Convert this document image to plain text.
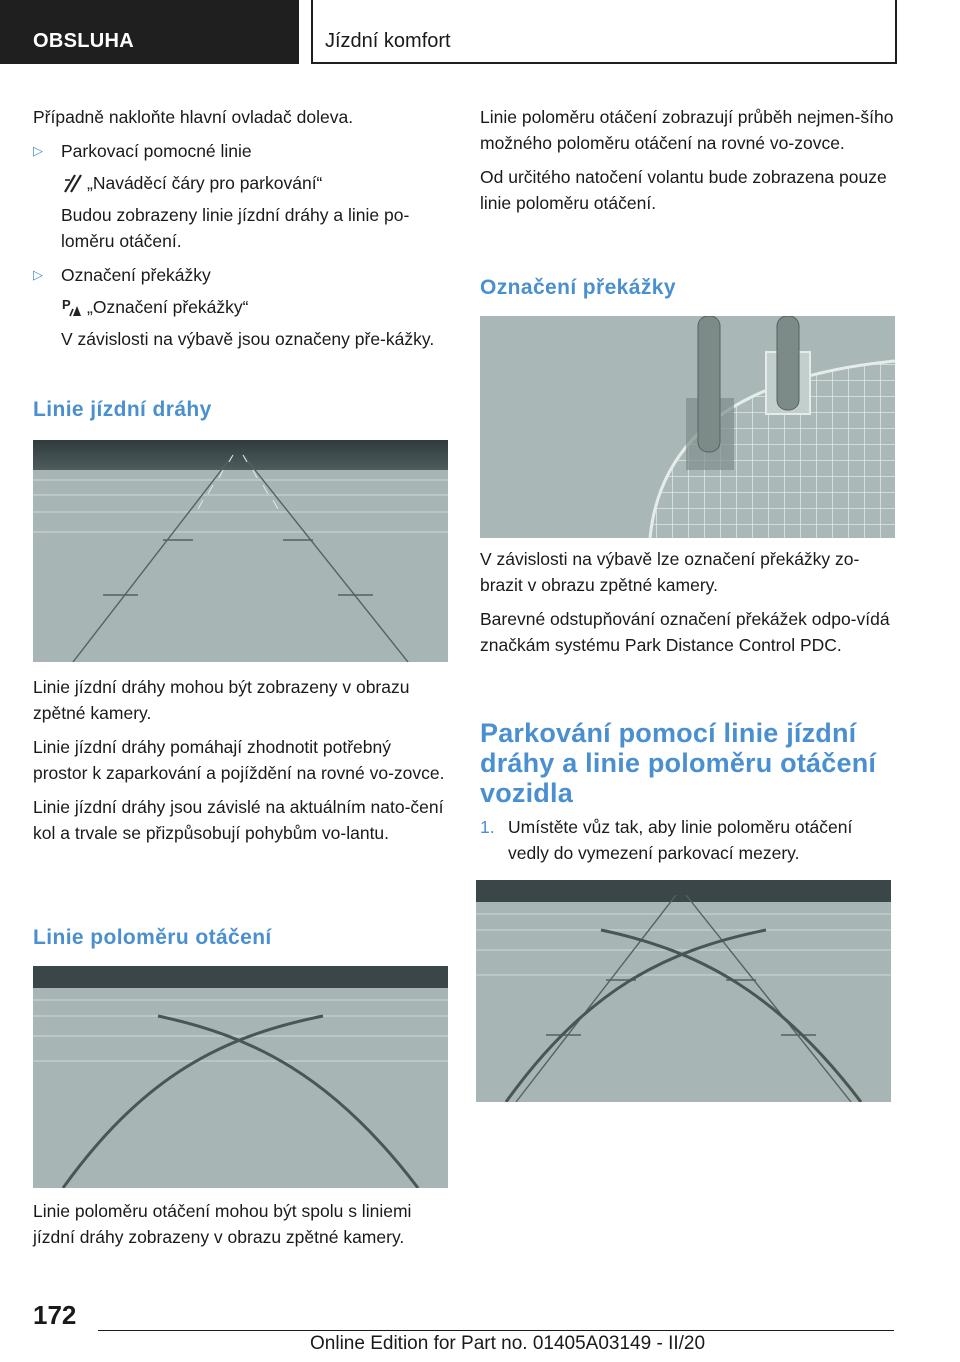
OBSLUHA	Jízdní komfort

Případně nakloňte hlavní ovladač doleva.

▷	Parkovací pomocné linie

„Naváděcí čáry pro parkování“

Budou zobrazeny linie jízdní dráhy a linie po-loměru otáčení.

▷	Označení překážky

P „Označení překážky“

V závislosti na výbavě jsou označeny pře-kážky.

Linie jízdní dráhy

Linie jízdní dráhy mohou být zobrazeny v obrazu zpětné kamery.

Linie jízdní dráhy pomáhají zhodnotit potřebný prostor k zaparkování a pojíždění na rovné vo-zovce.

Linie jízdní dráhy jsou závislé na aktuálním nato-čení kol a trvale se přizpůsobují pohybům vo-lantu.

Linie poloměru otáčení

Linie poloměru otáčení mohou být spolu s liniemi jízdní dráhy zobrazeny v obrazu zpětné kamery.

Linie poloměru otáčení zobrazují průběh nejmen-šího možného poloměru otáčení na rovné vo-zovce.

Od určitého natočení volantu bude zobrazena pouze linie poloměru otáčení.

Označení překážky

V závislosti na výbavě lze označení překážky zo-brazit v obrazu zpětné kamery.

Barevné odstupňování označení překážek odpo-vídá značkám systému Park Distance Control PDC.

Parkování pomocí linie jízdní dráhy a linie poloměru otáčení vozidla
1. Umístěte vůz tak, aby linie poloměru otáčení vedly do vymezení parkovací mezery.

172
Online Edition for Part no. 01405A03149 - II/20
